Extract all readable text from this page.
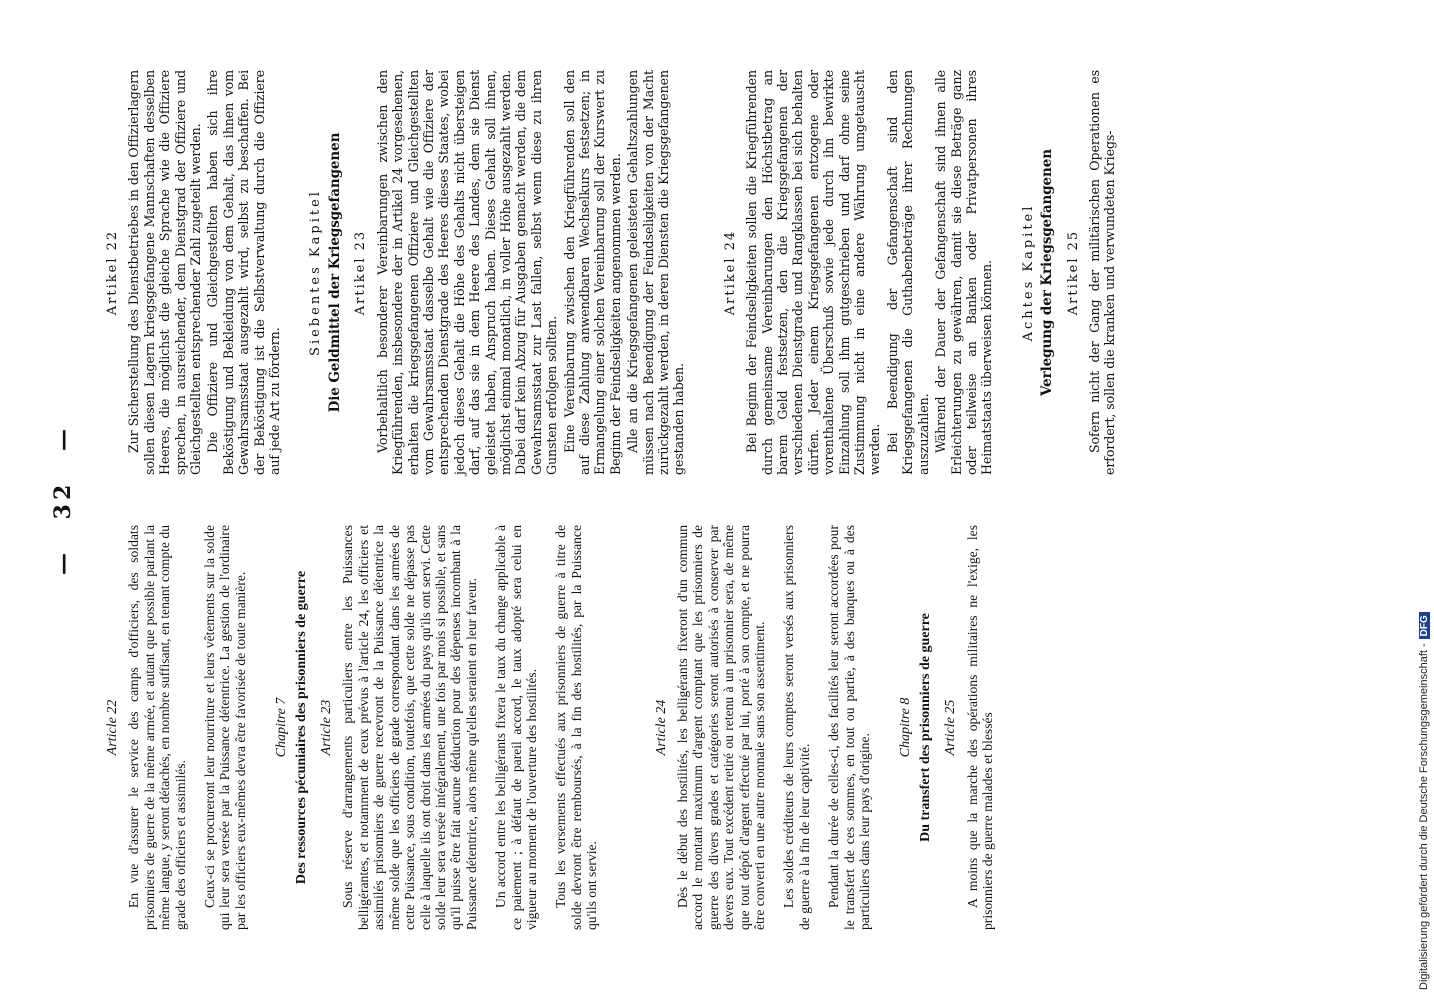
— 32 —
Article 22 En vue d'assurer le service des camps d'officiers, des soldats prisonniers de guerre de la même armée, et autant que possible parlant la même langue, y seront détachés, en nombre suffisant, en tenant compte du grade des officiers et assimilés. Ceux-ci se procureront leur nourriture et leurs vêtements sur la solde qui leur sera versée par la Puissance détentrice. La gestion de l'ordinaire par les officiers eux-mêmes devra être favorisée de toute manière. Chapitre 7 Des ressources pécuniaires des prisonniers de guerre Article 23 Sous réserve d'arrangements particuliers entre les Puissances belligérantes, et notamment de ceux prévus à l'article 24, les officiers et assimilés prisonniers de guerre recevront de la Puissance détentrice la même solde que les officiers de grade correspondant dans les armées de cette Puissance, sous condition, toutefois, que cette solde ne dépasse pas celle à laquelle ils ont droit dans les armées du pays qu'ils ont servi. Cette solde leur sera versée intégralement, une fois par mois si possible, et sans qu'il puisse être fait aucune déduction pour des dépenses incombant à la Puissance détentrice, alors même qu'elles seraient en leur faveur. Un accord entre les belligérants fixera le taux du change applicable à ce paiement ; à défaut de pareil accord, le taux adopté sera celui en vigueur au moment de l'ouverture des hostilités. Tous les versements effectués aux prisonniers de guerre à titre de solde devront être remboursés, à la fin des hostilités, par la Puissance qu'ils ont servie.

Article 24 Dès le début des hostilités, les belligérants fixeront d'un commun accord le montant maximum d'argent comptant que les prisonniers de guerre des divers grades et catégories seront autorisés à conserver par devers eux. Tout excédent retiré ou retenu à un prisonnier sera, de même que tout dépôt d'argent effectué par lui, porté à son compte, et ne pourra être converti en une autre monnaie sans son assentiment. Les soldes créditeurs de leurs comptes seront versés aux prisonniers de guerre à la fin de leur captivité. Pendant la durée de celles-ci, des facilités leur seront accordées pour le transfert de ces sommes, en tout ou partie, à des banques ou à des particuliers dans leur pays d'origine.

Chapitre 8 Du transfert des prisonniers de guerre Article 25 A moins que la marche des opérations militaires ne l'exige, les prisonniers de guerre malades et blessés

Artikel 22 Zur Sicherstellung des Dienstbetriebes in den Offizierlagern sollen diesen Lagern kriegsgefangene Mannschaften desselben Heeres, die möglichst die gleiche Sprache wie die Offiziere sprechen, in ausreichender, dem Dienstgrad der Offiziere und Gleichgestellten entsprechender Zahl zugeteilt werden. Die Offiziere und Gleichgestellten haben sich ihre Beköstigung und Bekleidung von dem Gehalt, das ihnen vom Gewahrsamsstaat ausgezahlt wird, selbst zu beschaffen. Bei der Beköstigung ist die Selbstverwaltung durch die Offiziere auf jede Art zu fördern.

Siebentes Kapitel Die Geldmittel der Kriegsgefangenen Artikel 23 Vorbehaltlich besonderer Vereinbarungen zwischen den Kriegführenden, insbesondere der in Artikel 24 vorgesehenen, erhalten die kriegsgefangenen Offiziere und Gleichgestellten vom Gewahrsamsstaat dasselbe Gehalt wie die Offiziere der entsprechenden Dienstgrade des Heeres dieses Staates, wobei jedoch dieses Gehalt die Höhe des Gehalts nicht übersteigen darf, auf das sie in dem Heere des Landes, dem sie Dienst geleistet haben, Anspruch haben. Dieses Gehalt soll ihnen, möglichst einmal monatlich, in voller Höhe ausgezahlt werden. Dabei darf kein Abzug für Ausgaben gemacht werden, die dem Gewahrsamsstaat zur Last fallen, selbst wenn diese zu ihren Gunsten erfolgen sollten. Eine Vereinbarung zwischen den Kriegführenden soll den auf diese Zahlung anwendbaren Wechselkurs festsetzen; in Ermangelung einer solchen Vereinbarung soll der Kurswert zu Beginn der Feindseligkeiten angenommen werden. Alle an die Kriegsgefangenen geleisteten Gehaltszahlungen müssen nach Beendigung der Feindseligkeiten von der Macht zurückgezahlt werden, in deren Diensten die Kriegsgefangenen gestanden haben.

Artikel 24 Bei Beginn der Feindseligkeiten sollen die Kriegführenden durch gemeinsame Vereinbarungen den Höchstbetrag an barem Geld festsetzen, den die Kriegsgefangenen der verschiedenen Dienstgrade und Rangklassen bei sich behalten dürfen. Jeder einem Kriegsgefangenen entzogene oder vorenthaltene Überschuß sowie jede durch ihn bewirkte Einzahlung soll ihm gutgeschrieben und darf ohne seine Zustimmung nicht in eine andere Währung umgetauscht werden. Bei Beendigung der Gefangenschaft sind den Kriegsgefangenen die Guthabenbeträge ihrer Rechnungen auszuzahlen. Während der Dauer der Gefangenschaft sind ihnen alle Erleichterungen zu gewähren, damit sie diese Beträge ganz oder teilweise an Banken oder Privatpersonen ihres Heimatstaats überweisen können. Achtes Kapitel Verlegung der Kriegsgefangenen Artikel 25 Sofern nicht der Gang der militärischen Operationen es erfordert, sollen die kranken und verwundeten Kriegs-

Digitalisierung gefördert durch die Deutsche Forschungsgemeinschaft -DFG
